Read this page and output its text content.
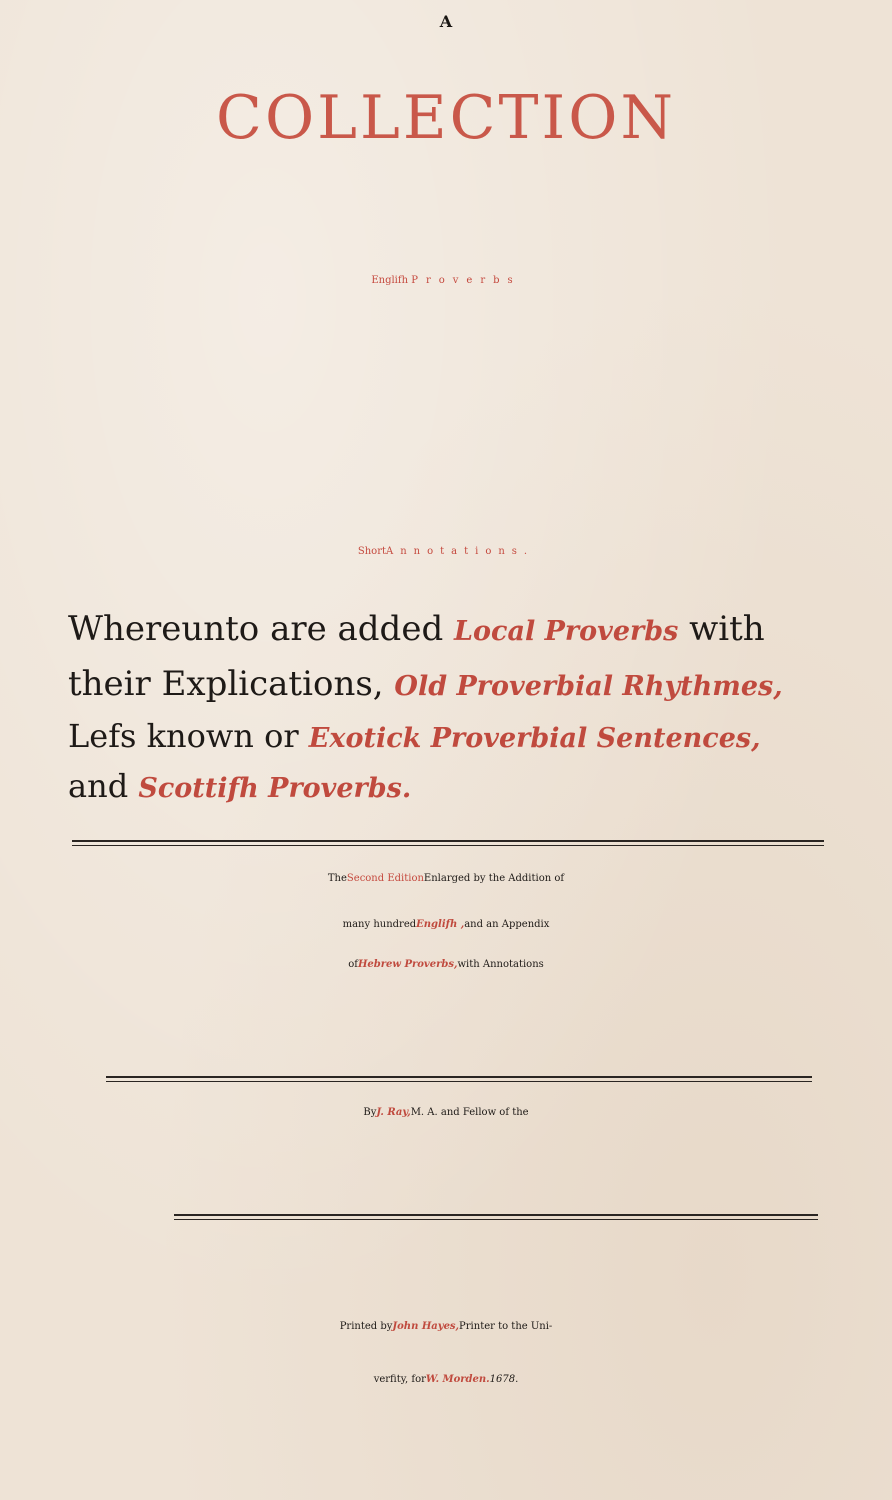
A
COLLECTION
Englifh Proverbs
Short Annotations.
Whereunto are added Local Proverbs with
their Explications, Old Proverbial Rhythmes,
Lefs known or Exotick Proverbial Sentences,
and Scottifh Proverbs.
The Second Edition Enlarged by the Addition of
many hundred Englifh , and an Appendix
of Hebrew Proverbs, with Annotations
By J. Ray, M. A. and Fellow of the
Printed by John Hayes, Printer to the Uni-
verfity, for W. Morden. 1678.
